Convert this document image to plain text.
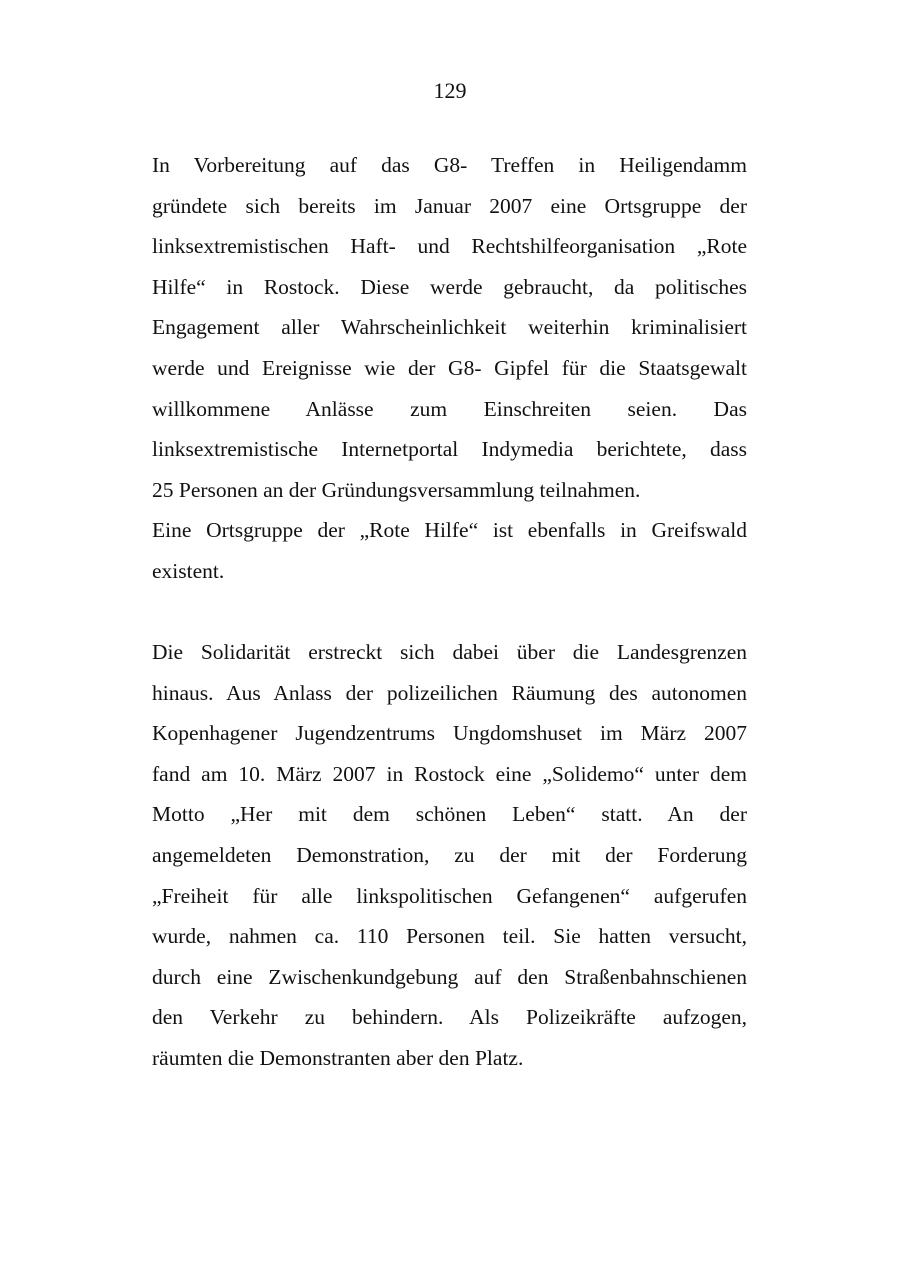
129
In Vorbereitung auf das G8- Treffen in Heiligendamm
gründete sich bereits im Januar 2007 eine Ortsgruppe der
linksextremistischen Haft- und Rechtshilfeorganisation „Rote
Hilfe“ in Rostock. Diese werde gebraucht, da politisches
Engagement aller Wahrscheinlichkeit weiterhin kriminalisiert
werde und Ereignisse wie der G8- Gipfel für die Staatsgewalt
willkommene Anlässe zum Einschreiten seien. Das
linksextremistische Internetportal Indymedia berichtete, dass
25 Personen an der Gründungsversammlung teilnahmen.
Eine Ortsgruppe der „Rote Hilfe“ ist ebenfalls in Greifswald
existent.
Die Solidarität erstreckt sich dabei über die Landesgrenzen
hinaus. Aus Anlass der polizeilichen Räumung des autonomen
Kopenhagener Jugendzentrums Ungdomshuset im März 2007
fand am 10. März 2007 in Rostock eine „Solidemo“ unter dem
Motto „Her mit dem schönen Leben“ statt. An der
angemeldeten Demonstration, zu der mit der Forderung
„Freiheit für alle linkspolitischen Gefangenen“ aufgerufen
wurde, nahmen ca. 110 Personen teil. Sie hatten versucht,
durch eine Zwischenkundgebung auf den Straßenbahnschienen
den Verkehr zu behindern. Als Polizeikräfte aufzogen,
räumten die Demonstranten aber den Platz.
